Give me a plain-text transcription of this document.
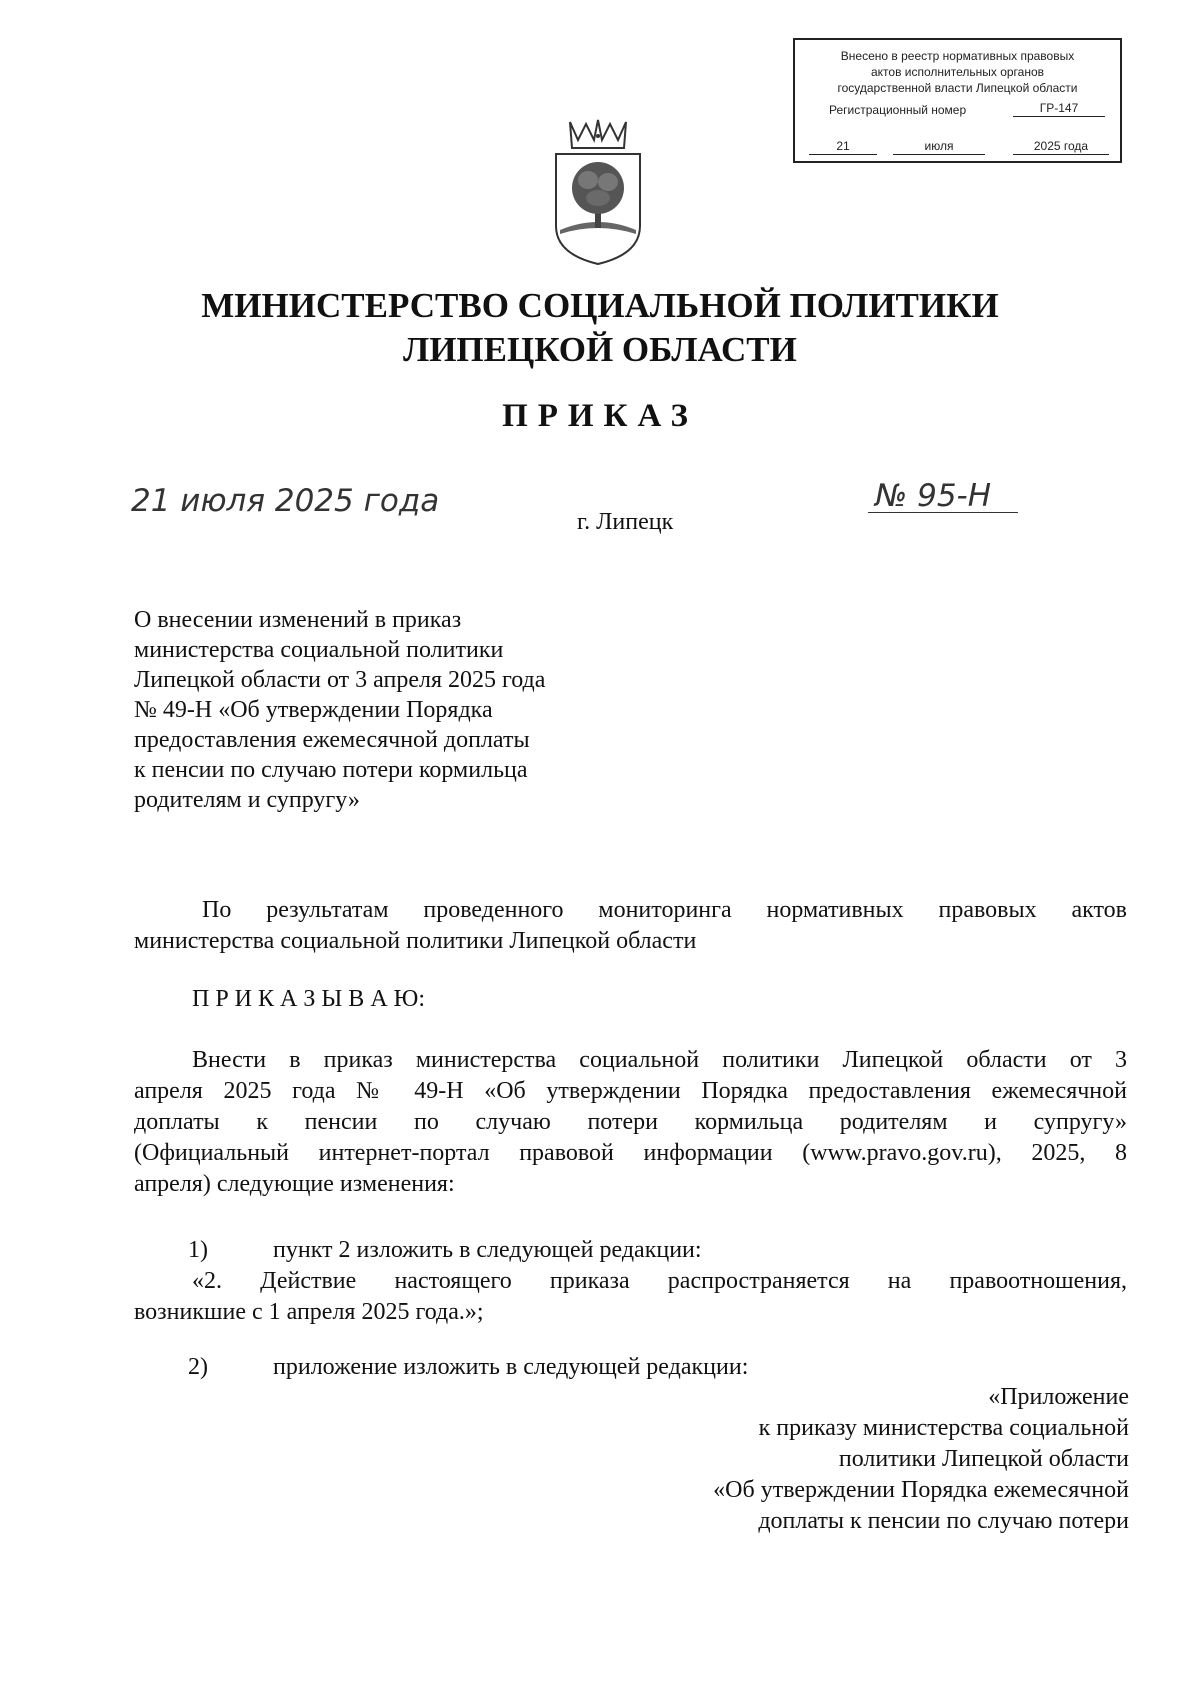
Внесено в реестр нормативных правовых
актов исполнительных органов
государственной власти Липецкой области
Регистрационный номер	ГР-147
21	июля	2025 года
МИНИСТЕРСТВО СОЦИАЛЬНОЙ ПОЛИТИКИ
ЛИПЕЦКОЙ ОБЛАСТИ
ПРИКАЗ
21 июля 2025 года
г. Липецк
№ 95-Н
О внесении изменений в приказ
министерства социальной политики
Липецкой области от 3 апреля 2025 года
№ 49-Н «Об утверждении Порядка
предоставления ежемесячной доплаты
к пенсии по случаю потери кормильца
родителям и супругу»
По результатам проведенного мониторинга нормативных правовых актов
министерства социальной политики Липецкой области
П Р И К А З Ы В А Ю:
Внести в приказ министерства социальной политики Липецкой области от 3
апреля 2025 года № 49-Н «Об утверждении Порядка предоставления ежемесячной
доплаты к пенсии по случаю потери кормильца родителям и супругу»
(Официальный интернет-портал правовой информации (www.pravo.gov.ru), 2025, 8
апреля) следующие изменения:
1)	пункт 2 изложить в следующей редакции:
«2. Действие настоящего приказа распространяется на правоотношения,
возникшие с 1 апреля 2025 года.»;
2)	приложение изложить в следующей редакции:
«Приложение
к приказу министерства социальной
политики Липецкой области
«Об утверждении Порядка ежемесячной
доплаты к пенсии по случаю потери
